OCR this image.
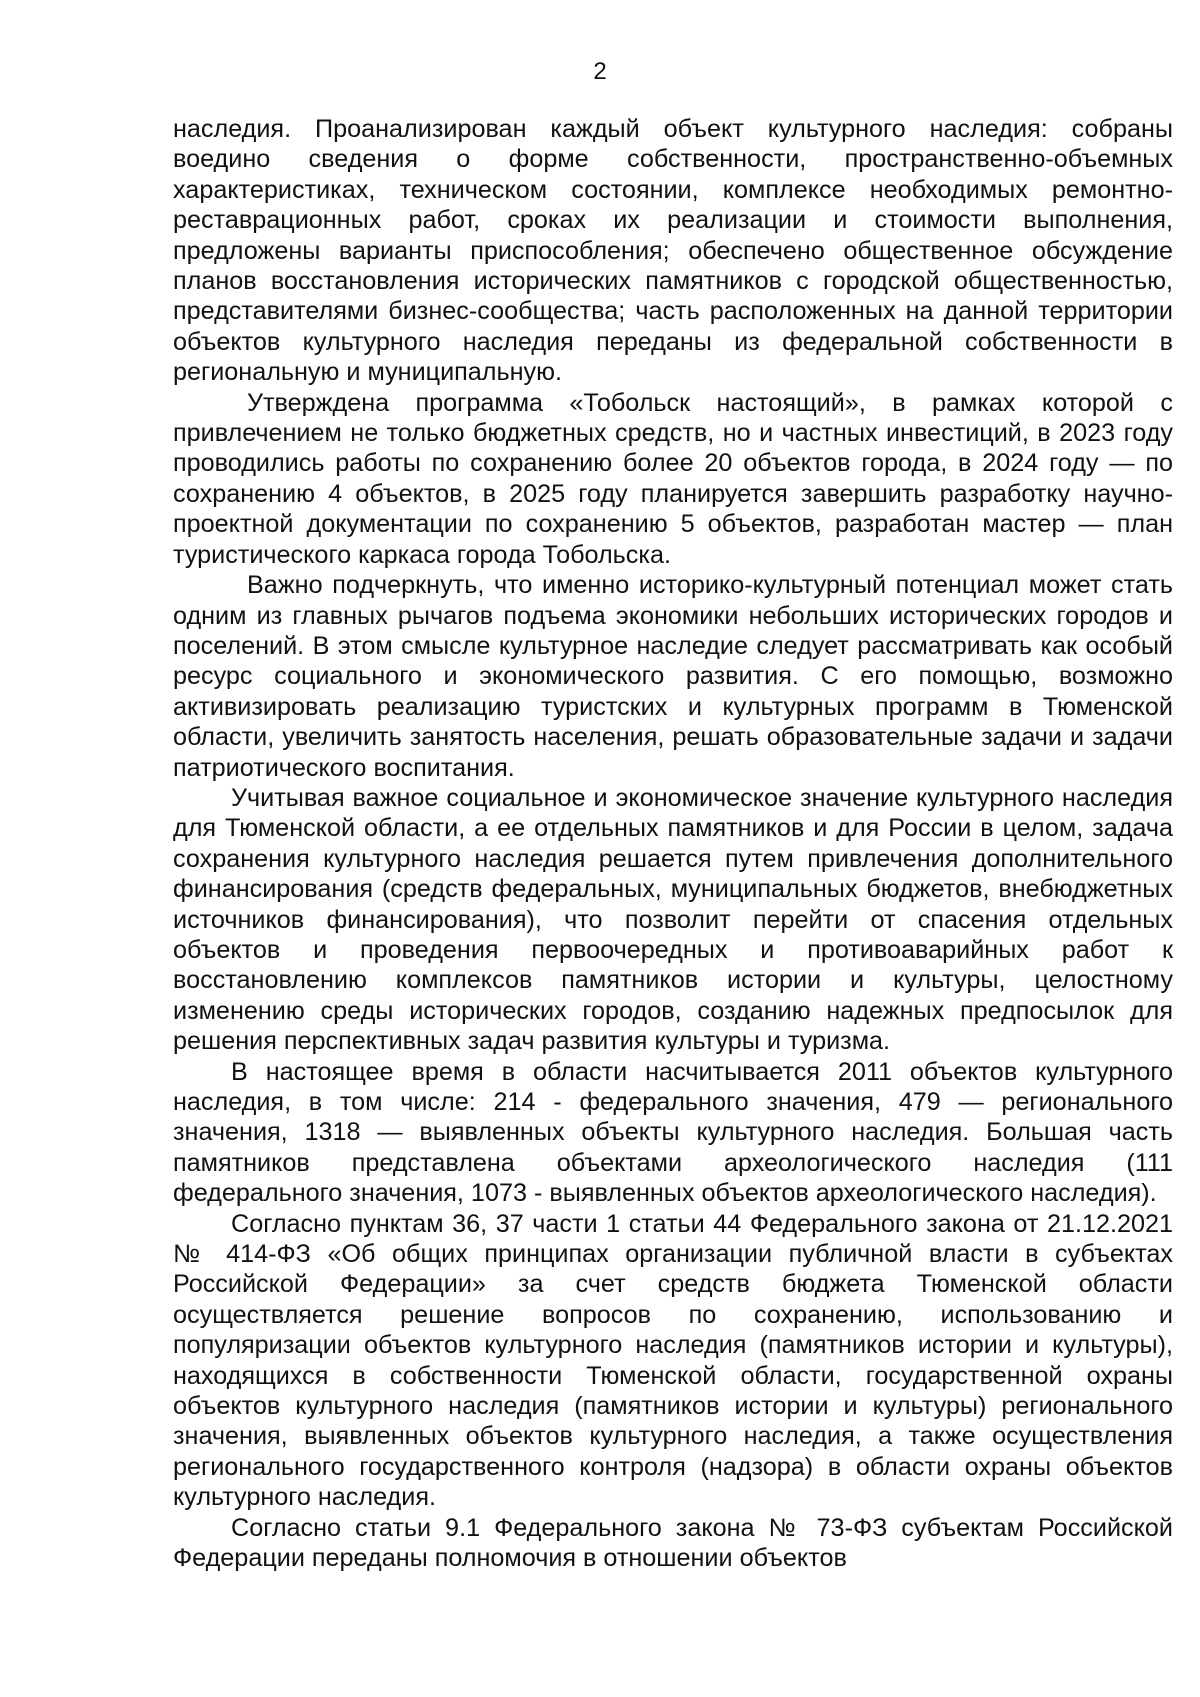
2

наследия. Проанализирован каждый объект культурного наследия: собраны воедино сведения о форме собственности, пространственно-объемных характеристиках, техническом состоянии, комплексе необходимых ремонтно-реставрационных работ, сроках их реализации и стоимости выполнения, предложены варианты приспособления; обеспечено общественное обсуждение планов восстановления исторических памятников с городской общественностью, представителями бизнес-сообщества; часть расположенных на данной территории объектов культурного наследия переданы из федеральной собственности в региональную и муниципальную.

Утверждена программа «Тобольск настоящий», в рамках которой с привлечением не только бюджетных средств, но и частных инвестиций, в 2023 году проводились работы по сохранению более 20 объектов города, в 2024 году — по сохранению 4 объектов, в 2025 году планируется завершить разработку научно-проектной документации по сохранению 5 объектов, разработан мастер — план туристического каркаса города Тобольска.

Важно подчеркнуть, что именно историко-культурный потенциал может стать одним из главных рычагов подъема экономики небольших исторических городов и поселений. В этом смысле культурное наследие следует рассматривать как особый ресурс социального и экономического развития. С его помощью, возможно активизировать реализацию туристских и культурных программ в Тюменской области, увеличить занятость населения, решать образовательные задачи и задачи патриотического воспитания.

Учитывая важное социальное и экономическое значение культурного наследия для Тюменской области, а ее отдельных памятников и для России в целом, задача сохранения культурного наследия решается путем привлечения дополнительного финансирования (средств федеральных, муниципальных бюджетов, внебюджетных источников финансирования), что позволит перейти от спасения отдельных объектов и проведения первоочередных и противоаварийных работ к восстановлению комплексов памятников истории и культуры, целостному изменению среды исторических городов, созданию надежных предпосылок для решения перспективных задач развития культуры и туризма.

В настоящее время в области насчитывается 2011 объектов культурного наследия, в том числе: 214 - федерального значения, 479 — регионального значения, 1318 — выявленных объекты культурного наследия. Большая часть памятников представлена объектами археологического наследия (111 федерального значения, 1073 - выявленных объектов археологического наследия).

Согласно пунктам 36, 37 части 1 статьи 44 Федерального закона от 21.12.2021 № 414-ФЗ «Об общих принципах организации публичной власти в субъектах Российской Федерации» за счет средств бюджета Тюменской области осуществляется решение вопросов по сохранению, использованию и популяризации объектов культурного наследия (памятников истории и культуры), находящихся в собственности Тюменской области, государственной охраны объектов культурного наследия (памятников истории и культуры) регионального значения, выявленных объектов культурного наследия, а также осуществления регионального государственного контроля (надзора) в области охраны объектов культурного наследия.

Согласно статьи 9.1 Федерального закона № 73-ФЗ субъектам Российской Федерации переданы полномочия в отношении объектов
